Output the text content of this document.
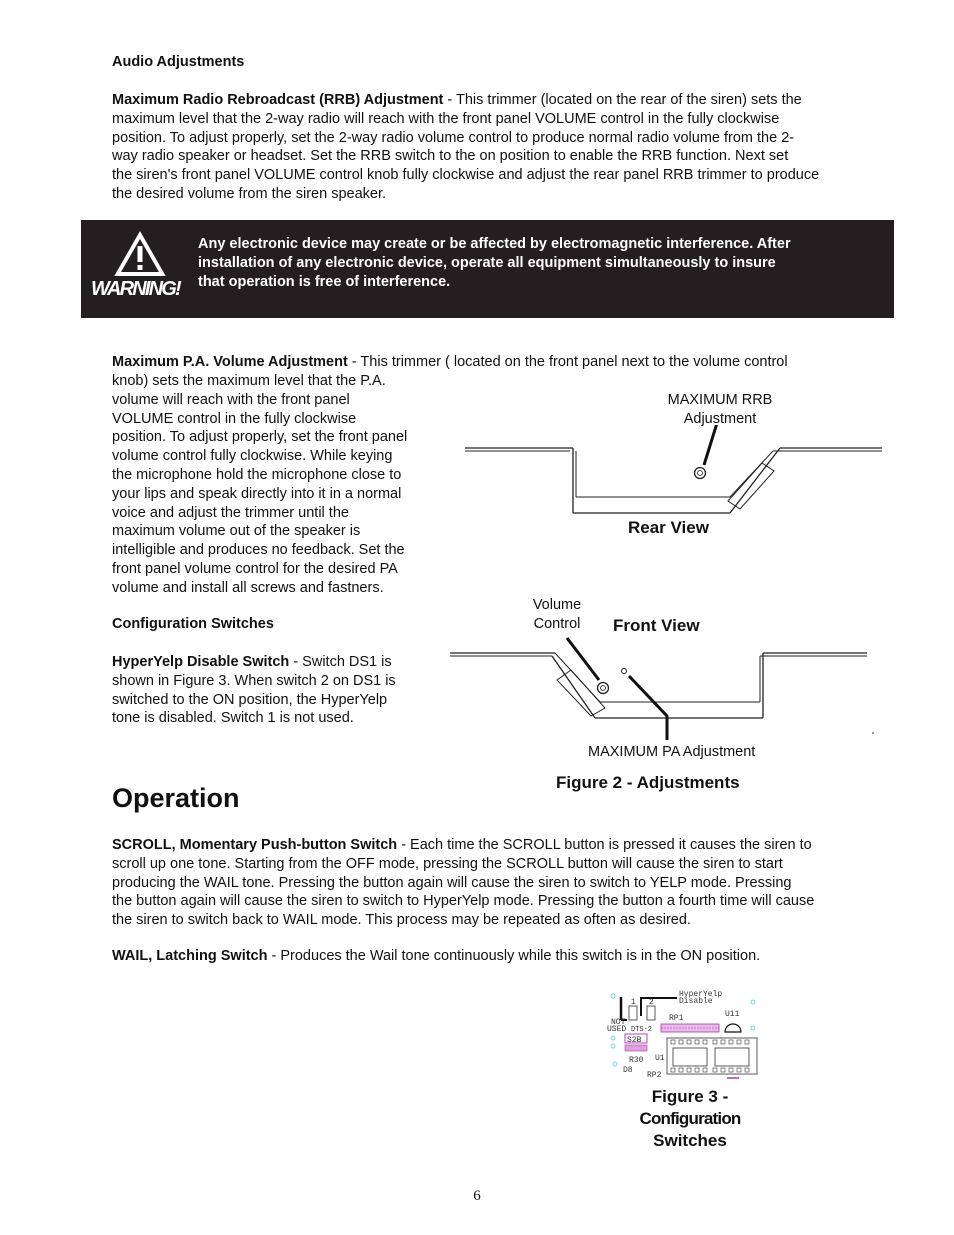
Audio Adjustments
Maximum Radio Rebroadcast (RRB) Adjustment - This trimmer (located on the rear of the siren) sets the
maximum level that the 2-way radio will reach with the front panel VOLUME control in the fully clockwise
position. To adjust properly, set the 2-way radio volume control to produce normal radio volume from the 2-
way radio speaker or headset. Set the RRB switch to the on position to enable the RRB function. Next set
the siren's front panel VOLUME control knob fully clockwise and adjust the rear panel RRB trimmer to produce
the desired volume from the siren speaker.
WARNING!
Any electronic device may create or be affected by electromagnetic interference. After
installation of any electronic device, operate all equipment simultaneously to insure
that operation is free of interference.
Maximum P.A. Volume Adjustment - This trimmer ( located on the front panel next to the volume control
knob) sets the maximum level that the P.A.
volume will reach with the front panel
VOLUME control in the fully clockwise
position. To adjust properly, set the front panel
volume control fully clockwise. While keying
the microphone hold the microphone close to
your lips and speak directly into it in a normal
voice and adjust the trimmer until the
maximum volume out of the speaker is
intelligible and produces no feedback. Set the
front panel volume control for the desired PA
volume and install all screws and fastners.
Configuration Switches
HyperYelp Disable Switch - Switch DS1 is
shown in Figure 3. When switch 2 on DS1 is
switched to the ON position, the HyperYelp
tone is disabled. Switch 1 is not used.
MAXIMUM RRB
Adjustment
Rear View
Volume
Control	Front View
MAXIMUM PA Adjustment
Figure 2 - Adjustments
Operation
SCROLL, Momentary Push-button Switch - Each time the SCROLL button is pressed it causes the siren to
scroll up one tone. Starting from the OFF mode, pressing the SCROLL button will cause the siren to start
producing the WAIL tone. Pressing the button again will cause the siren to switch to YELP mode. Pressing
the button again will cause the siren to switch to HyperYelp mode. Pressing the button a fourth time will cause
the siren to switch back to WAIL mode. This process may be repeated as often as desired.
WAIL, Latching Switch - Produces the Wail tone continuously while this switch is in the ON position.
HyperYelp
Disable
1 2
NOT
USED DTS-2
RP1	U11
S2B
R30
D8
U1
RP2
Figure 3 -
Configuration
Switches
6
